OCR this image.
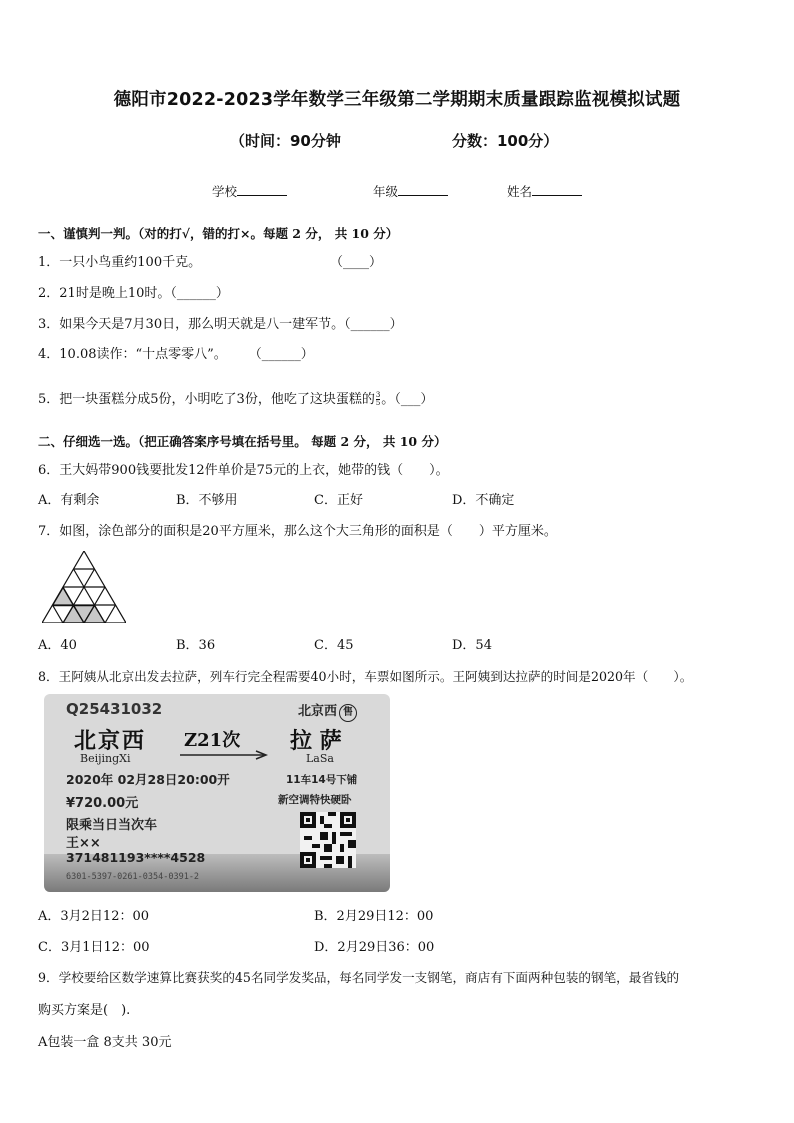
德阳市2022-2023学年数学三年级第二学期期末质量跟踪监视模拟试题
（时间：90分钟	分数：100分）
学校	年级	姓名
一、谨慎判一判。（对的打√，错的打×。每题 2 分， 共 10 分）
1．一只小鸟重约100千克。	（____）
2．21时是晚上10时。（______）
3．如果今天是7月30日，那么明天就是八一建军节。（______）
4．10.08读作：“十点零零八”。 （______）
5．把一块蛋糕分成5份，小明吃了3份，他吃了这块蛋糕的 $\frac{3}{5}$ 。（___）
二、仔细选一选。（把正确答案序号填在括号里。 每题 2 分， 共 10 分）
6．王大妈带900钱要批发12件单价是75元的上衣，她带的钱（　　）。
A．有剩余	B．不够用	C．正好	D．不确定
7．如图，涂色部分的面积是20平方厘米，那么这个大三角形的面积是（　　）平方厘米。
A．40	B．36	C．45	D．54
8．王阿姨从北京出发去拉萨，列车行完全程需要40小时，车票如图所示。王阿姨到达拉萨的时间是2020年（　　）。
Q25431032	北京西 售
北京西
BeijingXi
Z21次 拉 萨
LaSa
2020年 02月28日20:00开	11车14号下铺
¥720.00元	新空调特快硬卧
限乘当日当次车
王××
371481193****4528
6301-5397-0261-0354-0391-2
A．3月2日12：00	B．2月29日12：00
C．3月1日12：00	D．2月29日36：00
9．学校要给区数学速算比赛获奖的45名同学发奖品，每名同学发一支钢笔，商店有下面两种包装的钢笔，最省钱的
购买方案是(　).
A包装一盒 8支共 30元
